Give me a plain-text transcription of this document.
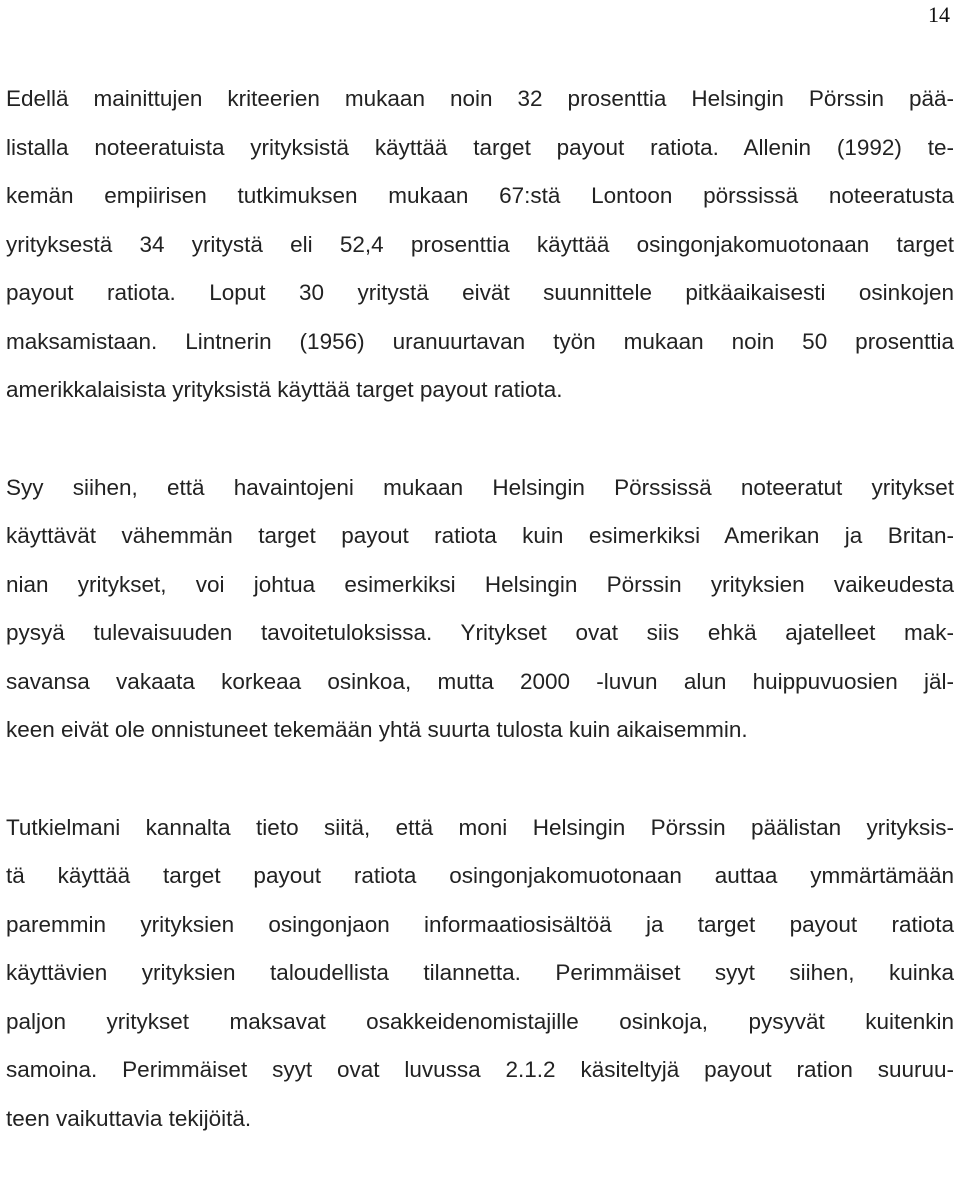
14

Edellä mainittujen kriteerien mukaan noin 32 prosenttia Helsingin Pörssin pää-
listalla noteeratuista yrityksistä käyttää target payout ratiota. Allenin (1992) te-
kemän empiirisen tutkimuksen mukaan 67:stä Lontoon pörssissä noteeratusta
yrityksestä 34 yritystä eli 52,4 prosenttia käyttää osingonjakomuotonaan target
payout ratiota. Loput 30 yritystä eivät suunnittele pitkäaikaisesti osinkojen
maksamistaan. Lintnerin (1956) uranuurtavan työn mukaan noin 50 prosenttia
amerikkalaisista yrityksistä käyttää target payout ratiota.

Syy siihen, että havaintojeni mukaan Helsingin Pörssissä noteeratut yritykset
käyttävät vähemmän target payout ratiota kuin esimerkiksi Amerikan ja Britan-
nian yritykset, voi johtua esimerkiksi Helsingin Pörssin yrityksien vaikeudesta
pysyä tulevaisuuden tavoitetuloksissa. Yritykset ovat siis ehkä ajatelleet mak-
savansa vakaata korkeaa osinkoa, mutta 2000 -luvun alun huippuvuosien jäl-
keen eivät ole onnistuneet tekemään yhtä suurta tulosta kuin aikaisemmin.

Tutkielmani kannalta tieto siitä, että moni Helsingin Pörssin päälistan yrityksis-
tä käyttää target payout ratiota osingonjakomuotonaan auttaa ymmärtämään
paremmin yrityksien osingonjaon informaatiosisältöä ja target payout ratiota
käyttävien yrityksien taloudellista tilannetta. Perimmäiset syyt siihen, kuinka
paljon yritykset maksavat osakkeidenomistajille osinkoja, pysyvät kuitenkin
samoina. Perimmäiset syyt ovat luvussa 2.1.2 käsiteltyjä payout ration suuruu-
teen vaikuttavia tekijöitä.
